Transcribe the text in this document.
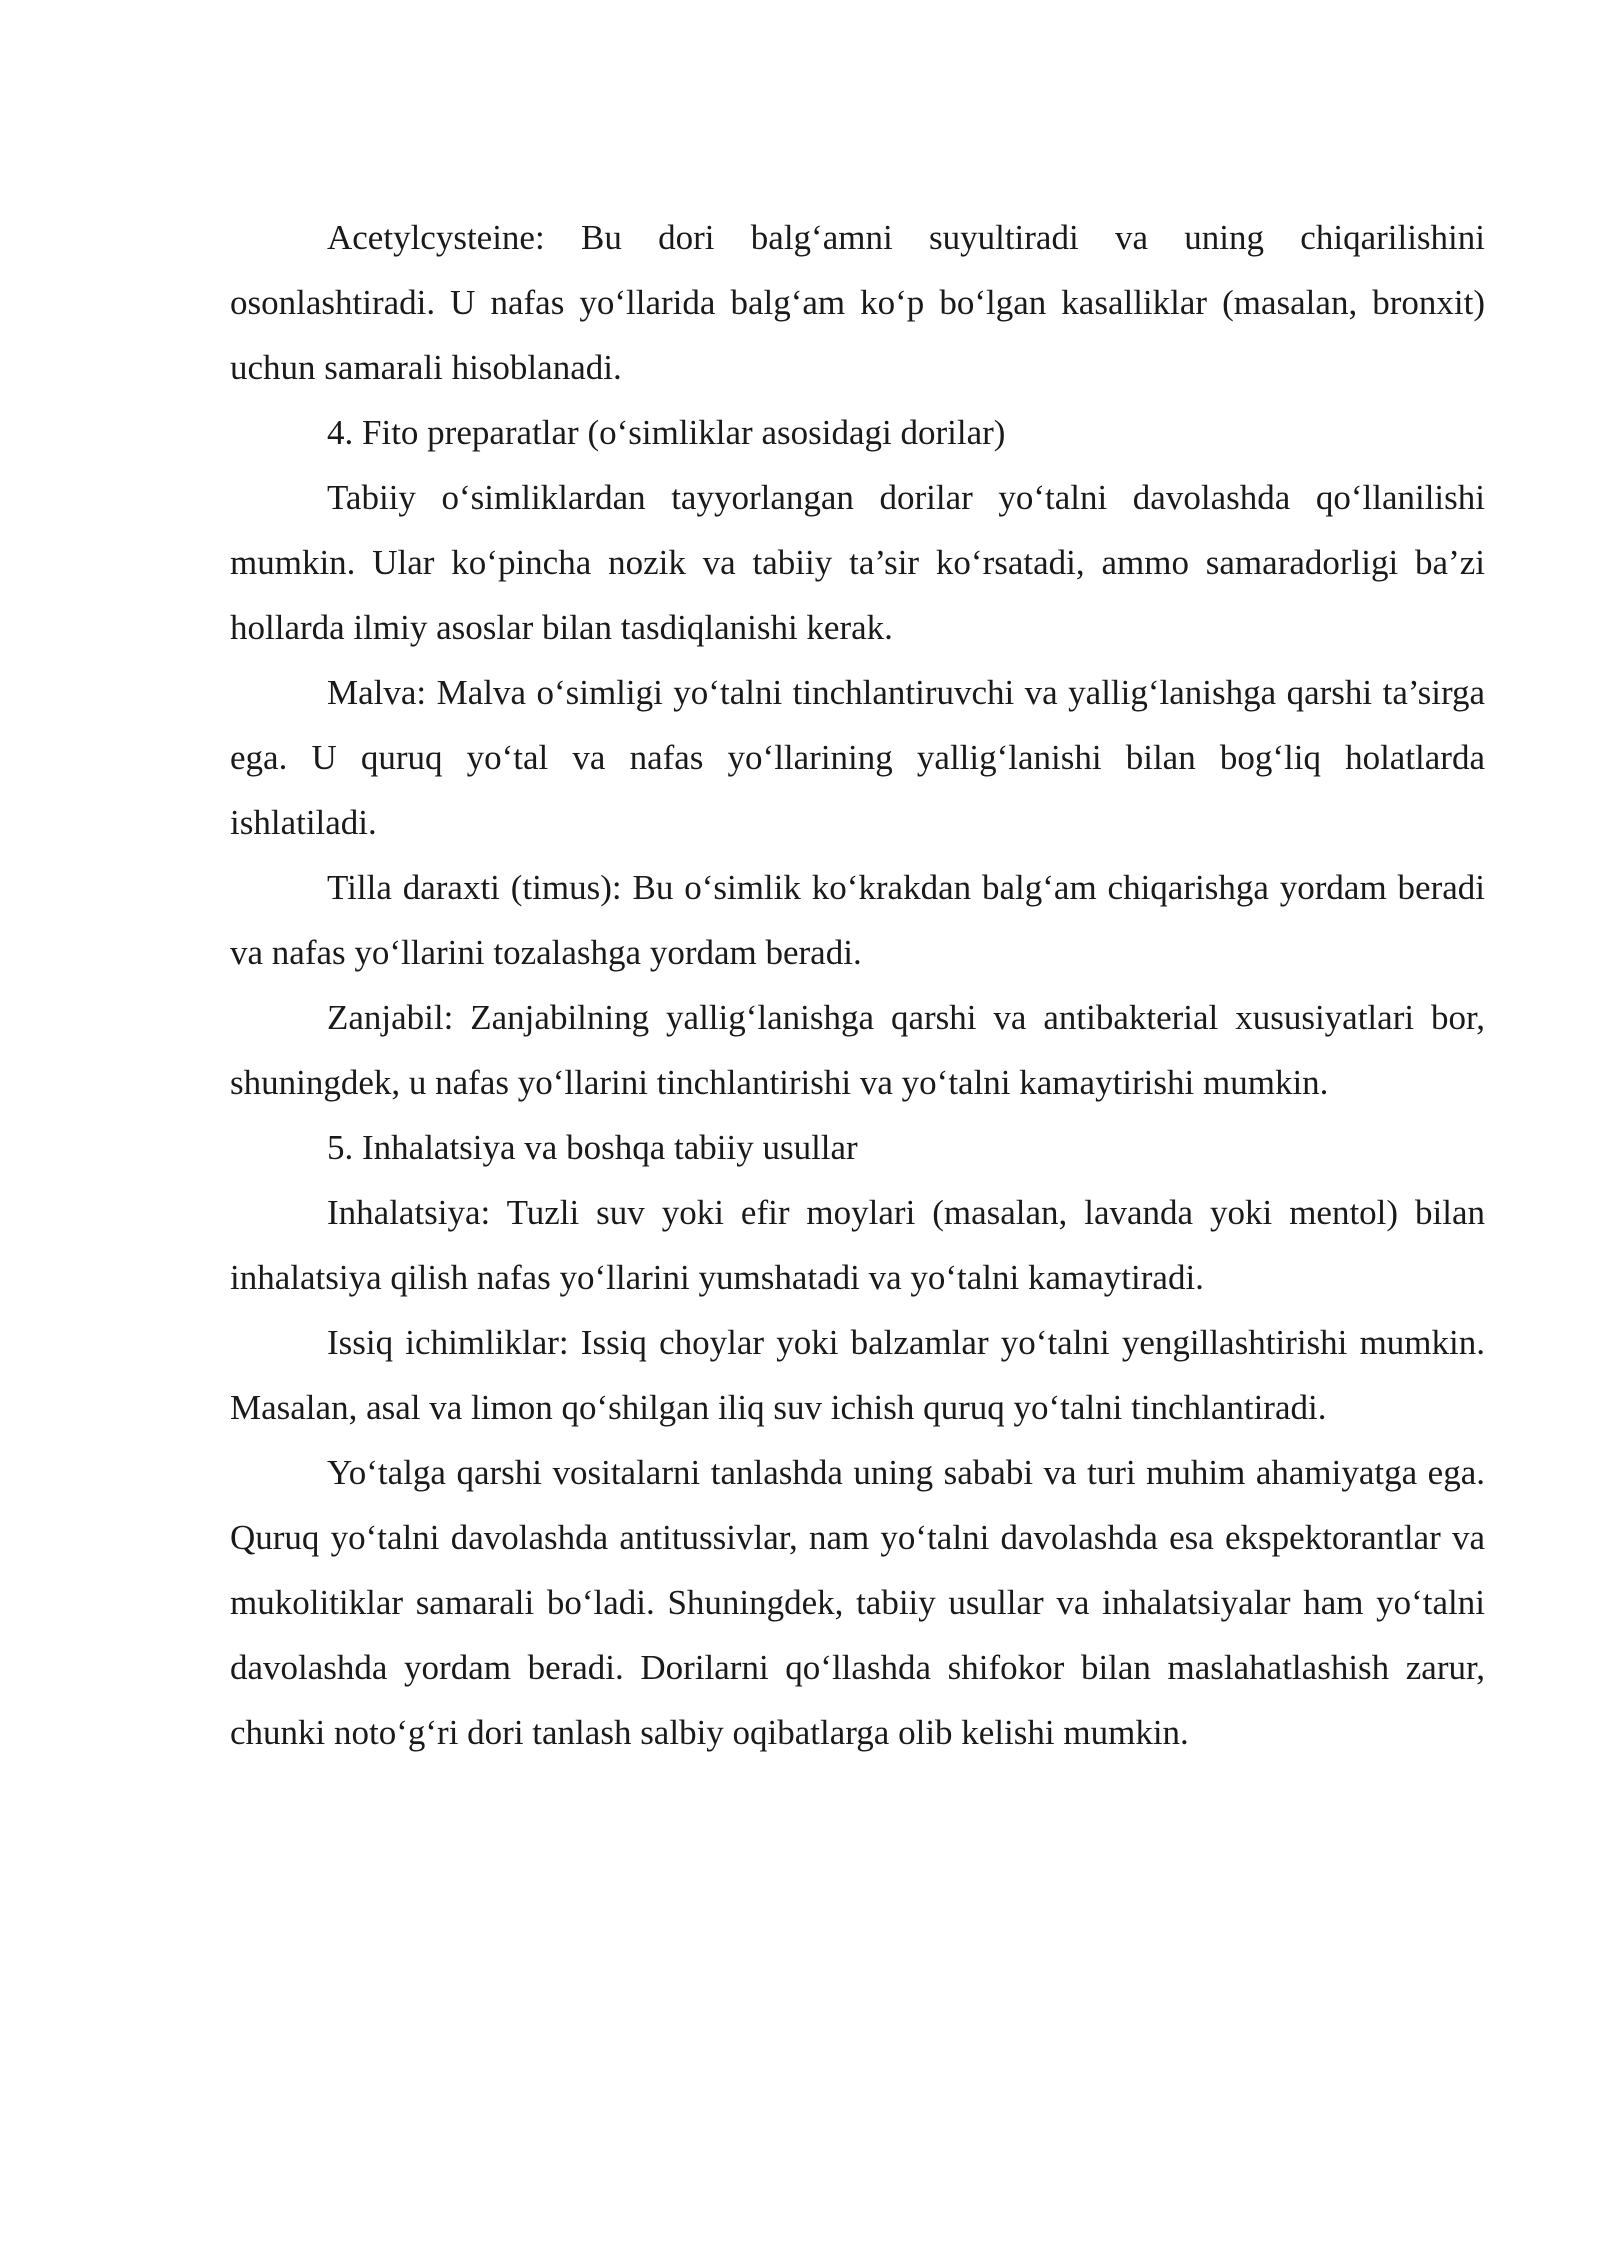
Acetylcysteine: Bu dori balg‘amni suyultiradi va uning chiqarilishini osonlashtiradi. U nafas yo‘llarida balg‘am ko‘p bo‘lgan kasalliklar (masalan, bronxit) uchun samarali hisoblanadi.

4. Fito preparatlar (o‘simliklar asosidagi dorilar)

Tabiiy o‘simliklardan tayyorlangan dorilar yo‘talni davolashda qo‘llanilishi mumkin. Ular ko‘pincha nozik va tabiiy ta’sir ko‘rsatadi, ammo samaradorligi ba’zi hollarda ilmiy asoslar bilan tasdiqlanishi kerak.

Malva: Malva o‘simligi yo‘talni tinchlantiruvchi va yallig‘lanishga qarshi ta’sirga ega. U quruq yo‘tal va nafas yo‘llarining yallig‘lanishi bilan bog‘liq holatlarda ishlatiladi.

Tilla daraxti (timus): Bu o‘simlik ko‘krakdan balg‘am chiqarishga yordam beradi va nafas yo‘llarini tozalashga yordam beradi.

Zanjabil: Zanjabilning yallig‘lanishga qarshi va antibakterial xususiyatlari bor, shuningdek, u nafas yo‘llarini tinchlantirishi va yo‘talni kamaytirishi mumkin.

5. Inhalatsiya va boshqa tabiiy usullar

Inhalatsiya: Tuzli suv yoki efir moylari (masalan, lavanda yoki mentol) bilan inhalatsiya qilish nafas yo‘llarini yumshatadi va yo‘talni kamaytiradi.

Issiq ichimliklar: Issiq choylar yoki balzamlar yo‘talni yengillashtirishi mumkin. Masalan, asal va limon qo‘shilgan iliq suv ichish quruq yo‘talni tinchlantiradi.

Yo‘talga qarshi vositalarni tanlashda uning sababi va turi muhim ahamiyatga ega. Quruq yo‘talni davolashda antitussivlar, nam yo‘talni davolashda esa ekspektorantlar va mukolitiklar samarali bo‘ladi. Shuningdek, tabiiy usullar va inhalatsiyalar ham yo‘talni davolashda yordam beradi. Dorilarni qo‘llashda shifokor bilan maslahatlashish zarur, chunki noto‘g‘ri dori tanlash salbiy oqibatlarga olib kelishi mumkin.
